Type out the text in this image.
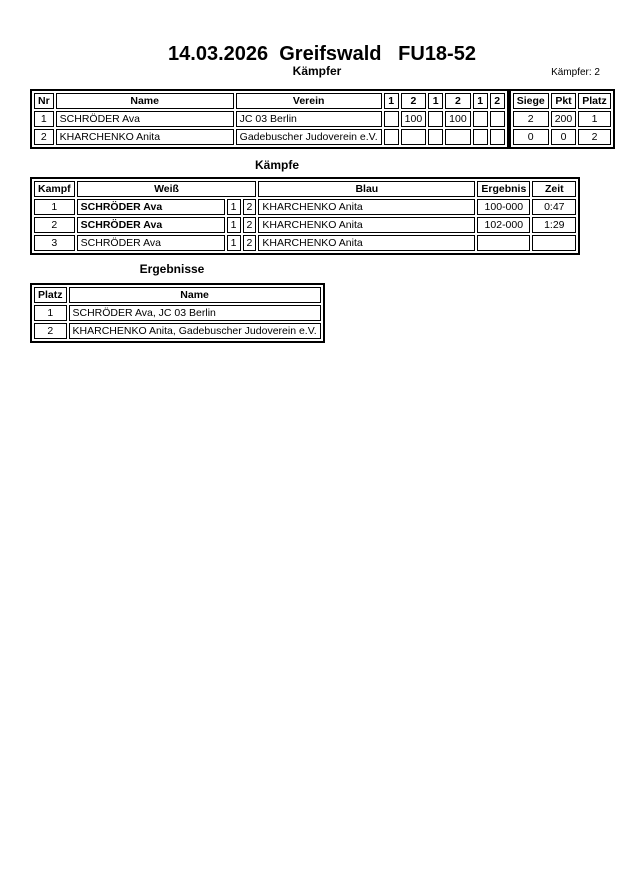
14.03.2026  Greifswald   FU18-52
Kämpfer	Kämpfer: 2
Nr	Name	Verein	1	2	1	2	1	2
1	SCHRÖDER Ava	JC 03 Berlin		100		100		
2	KHARCHENKO Anita	Gadebuscher Judoverein e.V.						
Siege	Pkt	Platz
2	200	1
0	0	2
Kämpfe
Kampf	Weiß			Blau	Ergebnis	Zeit
1	SCHRÖDER Ava	1	2	KHARCHENKO Anita	100-000	0:47
2	SCHRÖDER Ava	1	2	KHARCHENKO Anita	102-000	1:29
3	SCHRÖDER Ava	1	2	KHARCHENKO Anita		
Ergebnisse
Platz	Name
1	SCHRÖDER Ava, JC 03 Berlin
2	KHARCHENKO Anita, Gadebuscher Judoverein e.V.
